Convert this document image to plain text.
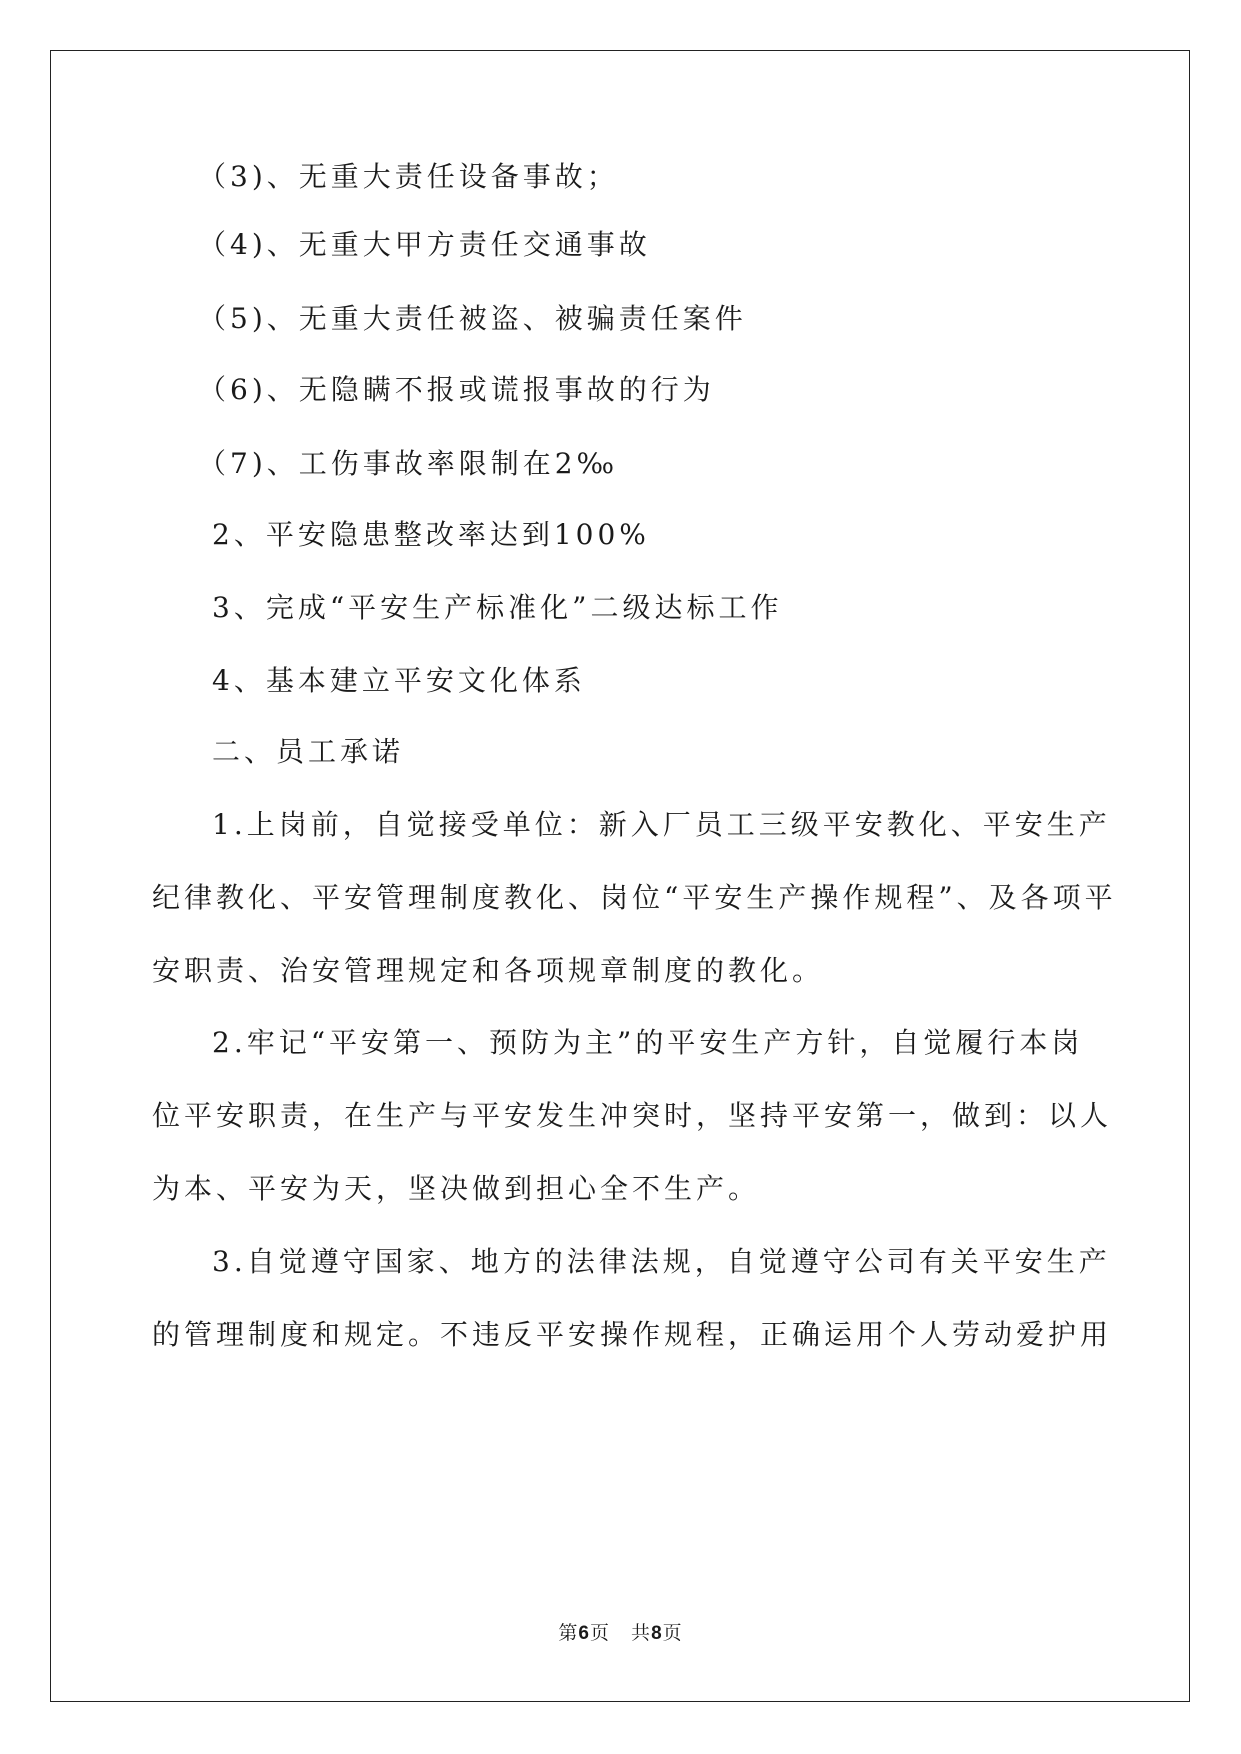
（3)、无重大责任设备事故；

（4)、无重大甲方责任交通事故

（5)、无重大责任被盗、被骗责任案件

（6)、无隐瞒不报或谎报事故的行为

（7)、工伤事故率限制在2‰

2、平安隐患整改率达到100%

3、完成“平安生产标准化”二级达标工作

4、基本建立平安文化体系

二、员工承诺

1.上岗前，自觉接受单位：新入厂员工三级平安教化、平安生产

纪律教化、平安管理制度教化、岗位“平安生产操作规程”、及各项平

安职责、治安管理规定和各项规章制度的教化。

2.牢记“平安第一、预防为主”的平安生产方针，自觉履行本岗

位平安职责，在生产与平安发生冲突时，坚持平安第一，做到：以人

为本、平安为天，坚决做到担心全不生产。

3.自觉遵守国家、地方的法律法规，自觉遵守公司有关平安生产

的管理制度和规定。不违反平安操作规程，正确运用个人劳动爱护用

第6页   共8页
